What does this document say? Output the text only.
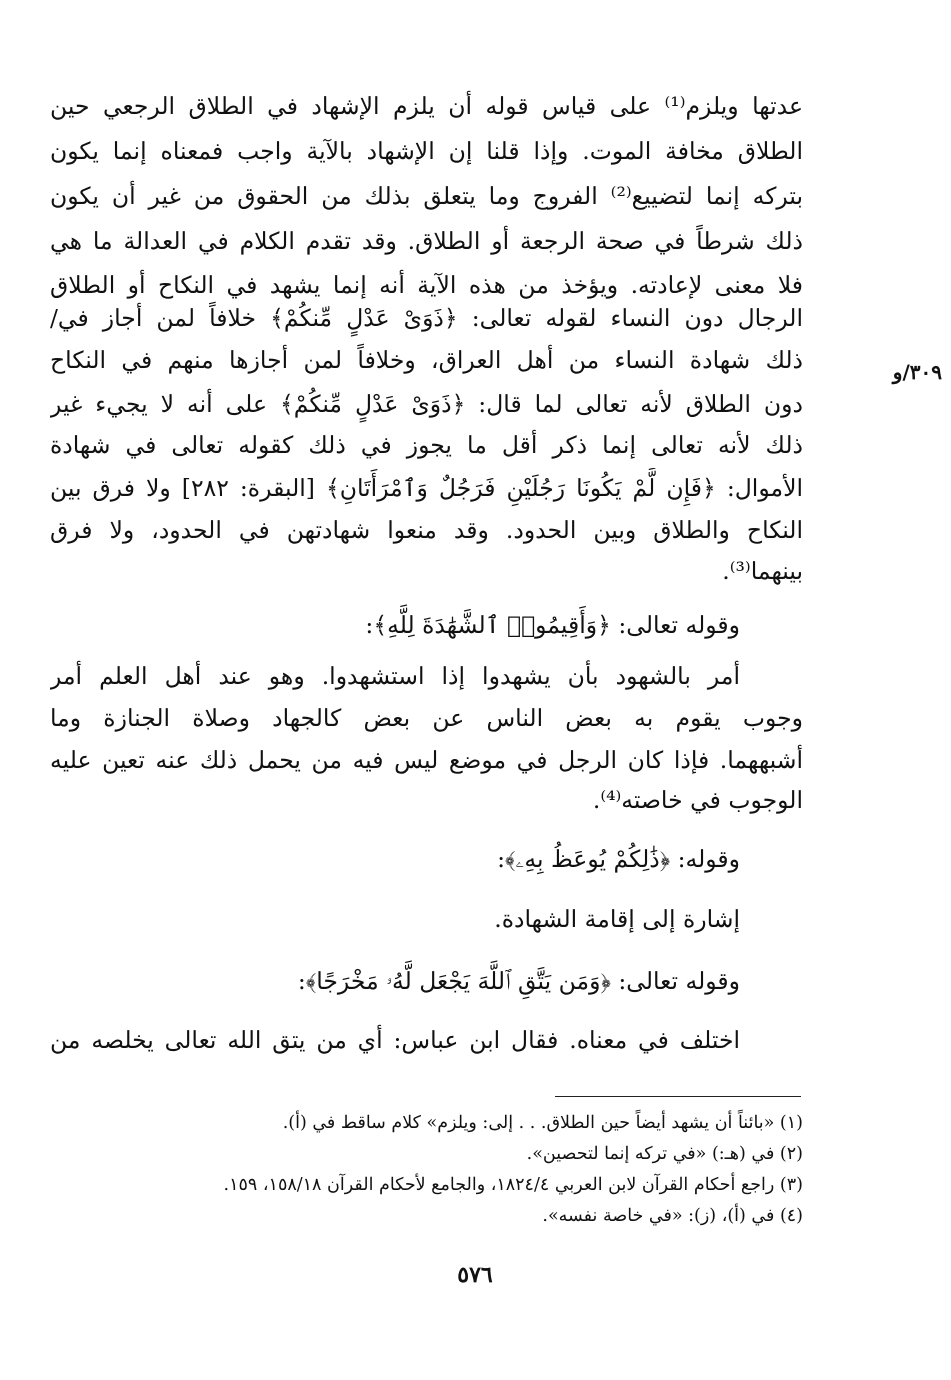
٣٠٩/و
عدتها ويلزم⁽¹⁾ على قياس قوله أن يلزم الإشهاد في الطلاق الرجعي حين
الطلاق مخافة الموت. وإذا قلنا إن الإشهاد بالآية واجب فمعناه إنما يكون
بتركه إنما لتضييع⁽²⁾ الفروج وما يتعلق بذلك من الحقوق من غير أن يكون
ذلك شرطاً في صحة الرجعة أو الطلاق. وقد تقدم الكلام في العدالة ما هي
فلا معنى لإعادته. ويؤخذ من هذه الآية أنه إنما يشهد في النكاح أو الطلاق
الرجال دون النساء لقوله تعالى: ﴿ذَوَىْ عَدْلٍ مِّنكُمْ﴾ خلافاً لمن أجاز في/
ذلك شهادة النساء من أهل العراق، وخلافاً لمن أجازها منهم في النكاح
دون الطلاق لأنه تعالى لما قال: ﴿ذَوَىْ عَدْلٍ مِّنكُمْ﴾ على أنه لا يجيء غير
ذلك لأنه تعالى إنما ذكر أقل ما يجوز في ذلك كقوله تعالى في شهادة
الأموال: ﴿فَإِن لَّمْ يَكُونَا رَجُلَيْنِ فَرَجُلٌ وَٱمْرَأَتَانِ﴾ [البقرة: ٢٨٢] ولا فرق بين
النكاح والطلاق وبين الحدود. وقد منعوا شهادتهن في الحدود، ولا فرق
بينهما⁽³⁾.
وقوله تعالى: ﴿وَأَقِيمُوا۟ ٱلشَّهَٰدَةَ لِلَّهِ﴾:
أمر بالشهود بأن يشهدوا إذا استشهدوا. وهو عند أهل العلم أمر
وجوب يقوم به بعض الناس عن بعض كالجهاد وصلاة الجنازة وما
أشبههما. فإذا كان الرجل في موضع ليس فيه من يحمل ذلك عنه تعين عليه
الوجوب في خاصته⁽⁴⁾.
وقوله: ﴿ذَٰلِكُمْ يُوعَظُ بِهِۦ﴾:
إشارة إلى إقامة الشهادة.
وقوله تعالى: ﴿وَمَن يَتَّقِ ٱللَّهَ يَجْعَل لَّهُۥ مَخْرَجًا﴾:
اختلف في معناه. فقال ابن عباس: أي من يتق الله تعالى يخلصه من
(١) «بائناً أن يشهد أيضاً حين الطلاق. . . إلى: ويلزم» كلام ساقط في (أ).
(٢) في (هـ:) «في تركه إنما لتحصين».
(٣) راجع أحكام القرآن لابن العربي ١٨٢٤/٤، والجامع لأحكام القرآن ١٥٨/١٨، ١٥٩.
(٤) في (أ)، (ز): «في خاصة نفسه».
٥٧٦
